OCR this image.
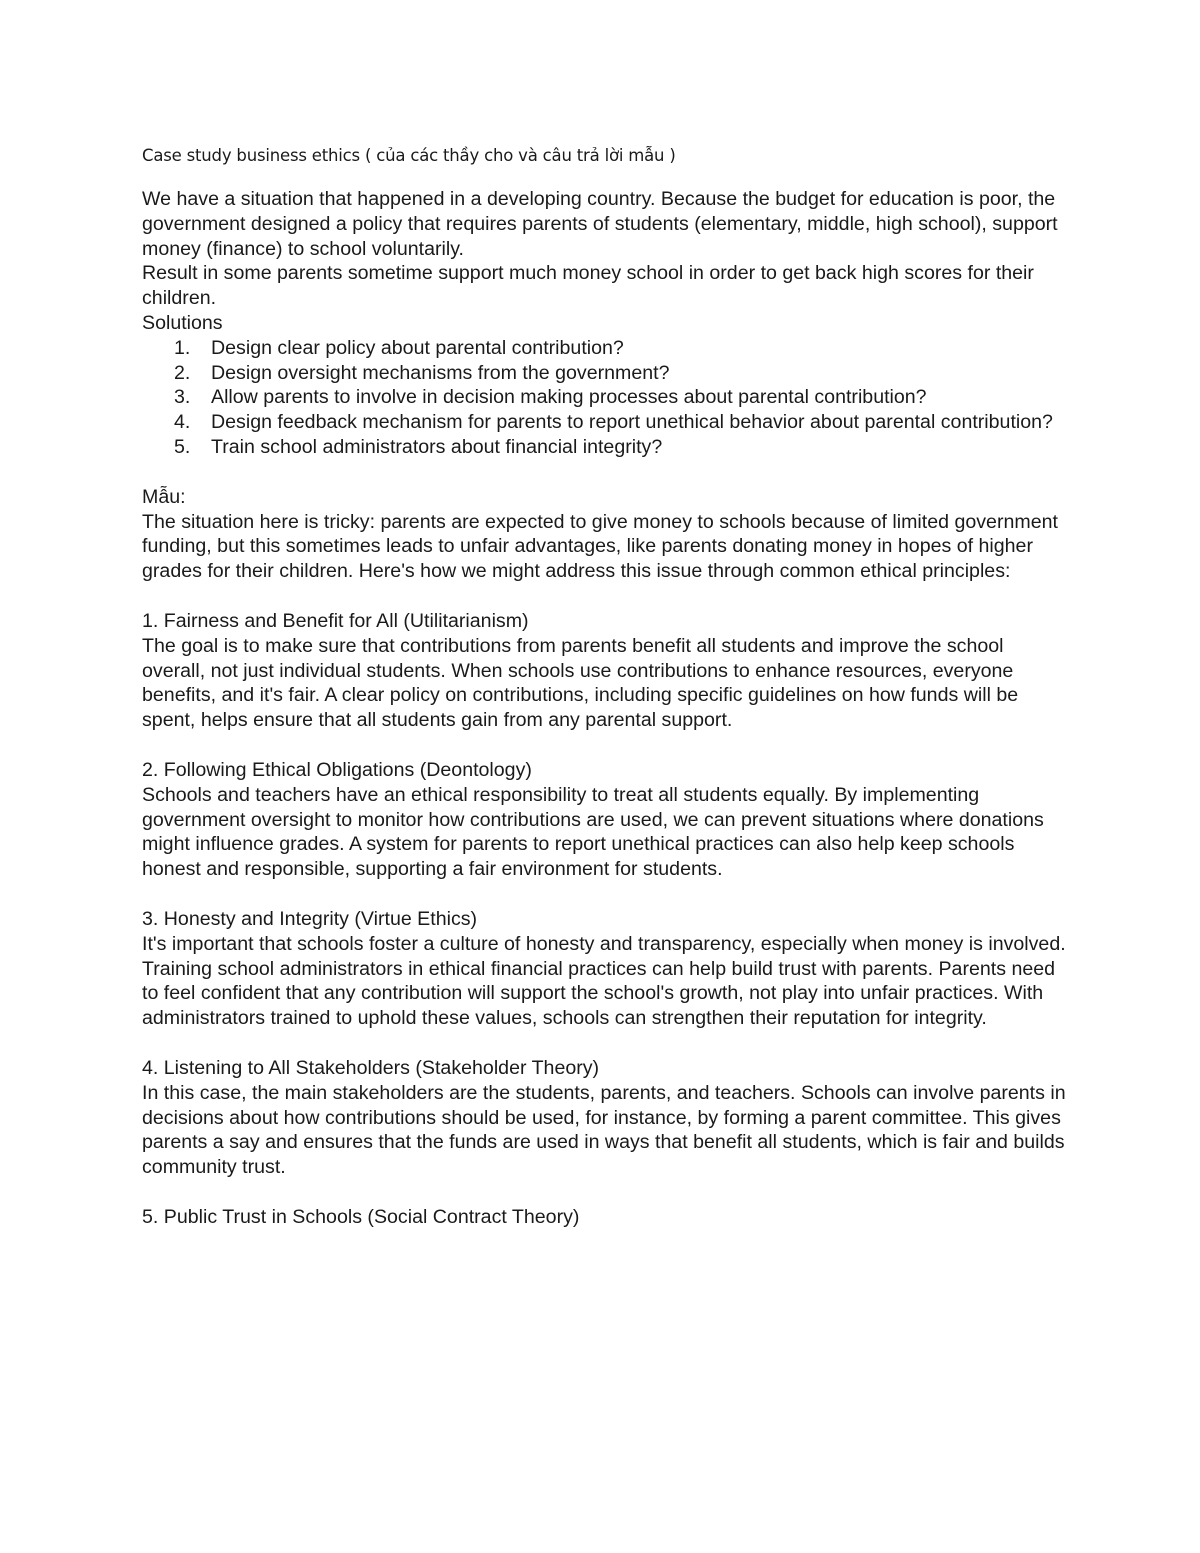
Case study business ethics ( của các thầy cho và câu trả lời mẫu )

We have a situation that happened in a developing country. Because the budget for education is poor, the government designed a policy that requires parents of students (elementary, middle, high school), support money (finance) to school voluntarily.

Result in some parents sometime support much money school in order to get back high scores for their children.

Solutions

1. Design clear policy about parental contribution?
2. Design oversight mechanisms from the government?
3. Allow parents to involve in decision making processes about parental contribution?
4. Design feedback mechanism for parents to report unethical behavior about parental contribution?
5. Train school administrators about financial integrity?

Mẫu:

The situation here is tricky: parents are expected to give money to schools because of limited government funding, but this sometimes leads to unfair advantages, like parents donating money in hopes of higher grades for their children. Here's how we might address this issue through common ethical principles:

1. Fairness and Benefit for All (Utilitarianism)

The goal is to make sure that contributions from parents benefit all students and improve the school overall, not just individual students. When schools use contributions to enhance resources, everyone benefits, and it's fair. A clear policy on contributions, including specific guidelines on how funds will be spent, helps ensure that all students gain from any parental support.

2. Following Ethical Obligations (Deontology)

Schools and teachers have an ethical responsibility to treat all students equally. By implementing government oversight to monitor how contributions are used, we can prevent situations where donations might influence grades. A system for parents to report unethical practices can also help keep schools honest and responsible, supporting a fair environment for students.

3. Honesty and Integrity (Virtue Ethics)

It's important that schools foster a culture of honesty and transparency, especially when money is involved. Training school administrators in ethical financial practices can help build trust with parents. Parents need to feel confident that any contribution will support the school's growth, not play into unfair practices. With administrators trained to uphold these values, schools can strengthen their reputation for integrity.

4. Listening to All Stakeholders (Stakeholder Theory)

In this case, the main stakeholders are the students, parents, and teachers. Schools can involve parents in decisions about how contributions should be used, for instance, by forming a parent committee. This gives parents a say and ensures that the funds are used in ways that benefit all students, which is fair and builds community trust.

5. Public Trust in Schools (Social Contract Theory)
